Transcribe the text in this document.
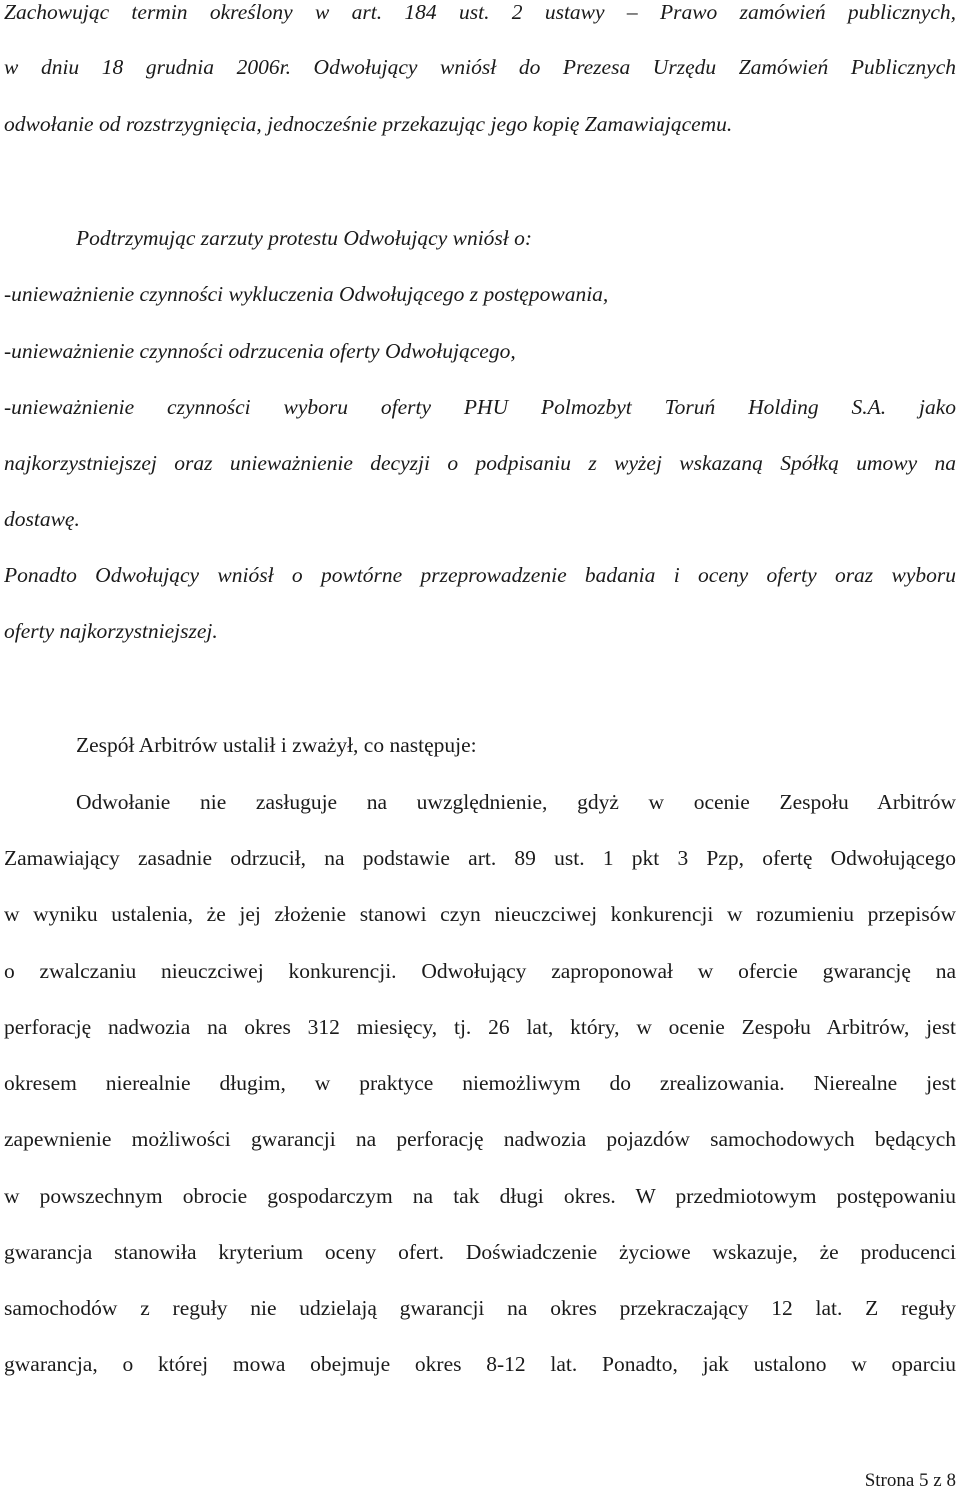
Zachowując termin określony w art. 184 ust. 2 ustawy – Prawo zamówień publicznych,
w dniu 18 grudnia 2006r. Odwołujący wniósł do Prezesa Urzędu Zamówień Publicznych
odwołanie od rozstrzygnięcia, jednocześnie przekazując jego kopię Zamawiającemu.
Podtrzymując zarzuty protestu Odwołujący wniósł o:
-unieważnienie czynności wykluczenia Odwołującego z postępowania,
-unieważnienie czynności odrzucenia oferty Odwołującego,
-unieważnienie czynności wyboru oferty PHU Polmozbyt Toruń Holding S.A. jako
najkorzystniejszej oraz unieważnienie decyzji o podpisaniu z wyżej wskazaną Spółką umowy na
dostawę.
Ponadto Odwołujący wniósł o powtórne przeprowadzenie badania i oceny oferty oraz wyboru
oferty najkorzystniejszej.
Zespół Arbitrów ustalił i zważył, co następuje:
Odwołanie nie zasługuje na uwzględnienie, gdyż w ocenie Zespołu Arbitrów
Zamawiający zasadnie odrzucił, na podstawie art. 89 ust. 1 pkt 3 Pzp, ofertę Odwołującego
w wyniku ustalenia, że jej złożenie stanowi czyn nieuczciwej konkurencji w rozumieniu przepisów
o zwalczaniu nieuczciwej konkurencji. Odwołujący zaproponował w ofercie gwarancję na
perforację nadwozia na okres 312 miesięcy, tj. 26 lat, który, w ocenie Zespołu Arbitrów, jest
okresem nierealnie długim, w praktyce niemożliwym do zrealizowania. Nierealne jest
zapewnienie możliwości gwarancji na perforację nadwozia pojazdów samochodowych będących
w powszechnym obrocie gospodarczym na tak długi okres. W przedmiotowym postępowaniu
gwarancja stanowiła kryterium oceny ofert. Doświadczenie życiowe wskazuje, że producenci
samochodów z reguły nie udzielają gwarancji na okres przekraczający 12 lat. Z reguły
gwarancja, o której mowa obejmuje okres 8-12 lat. Ponadto, jak ustalono w oparciu
Strona 5 z 8
